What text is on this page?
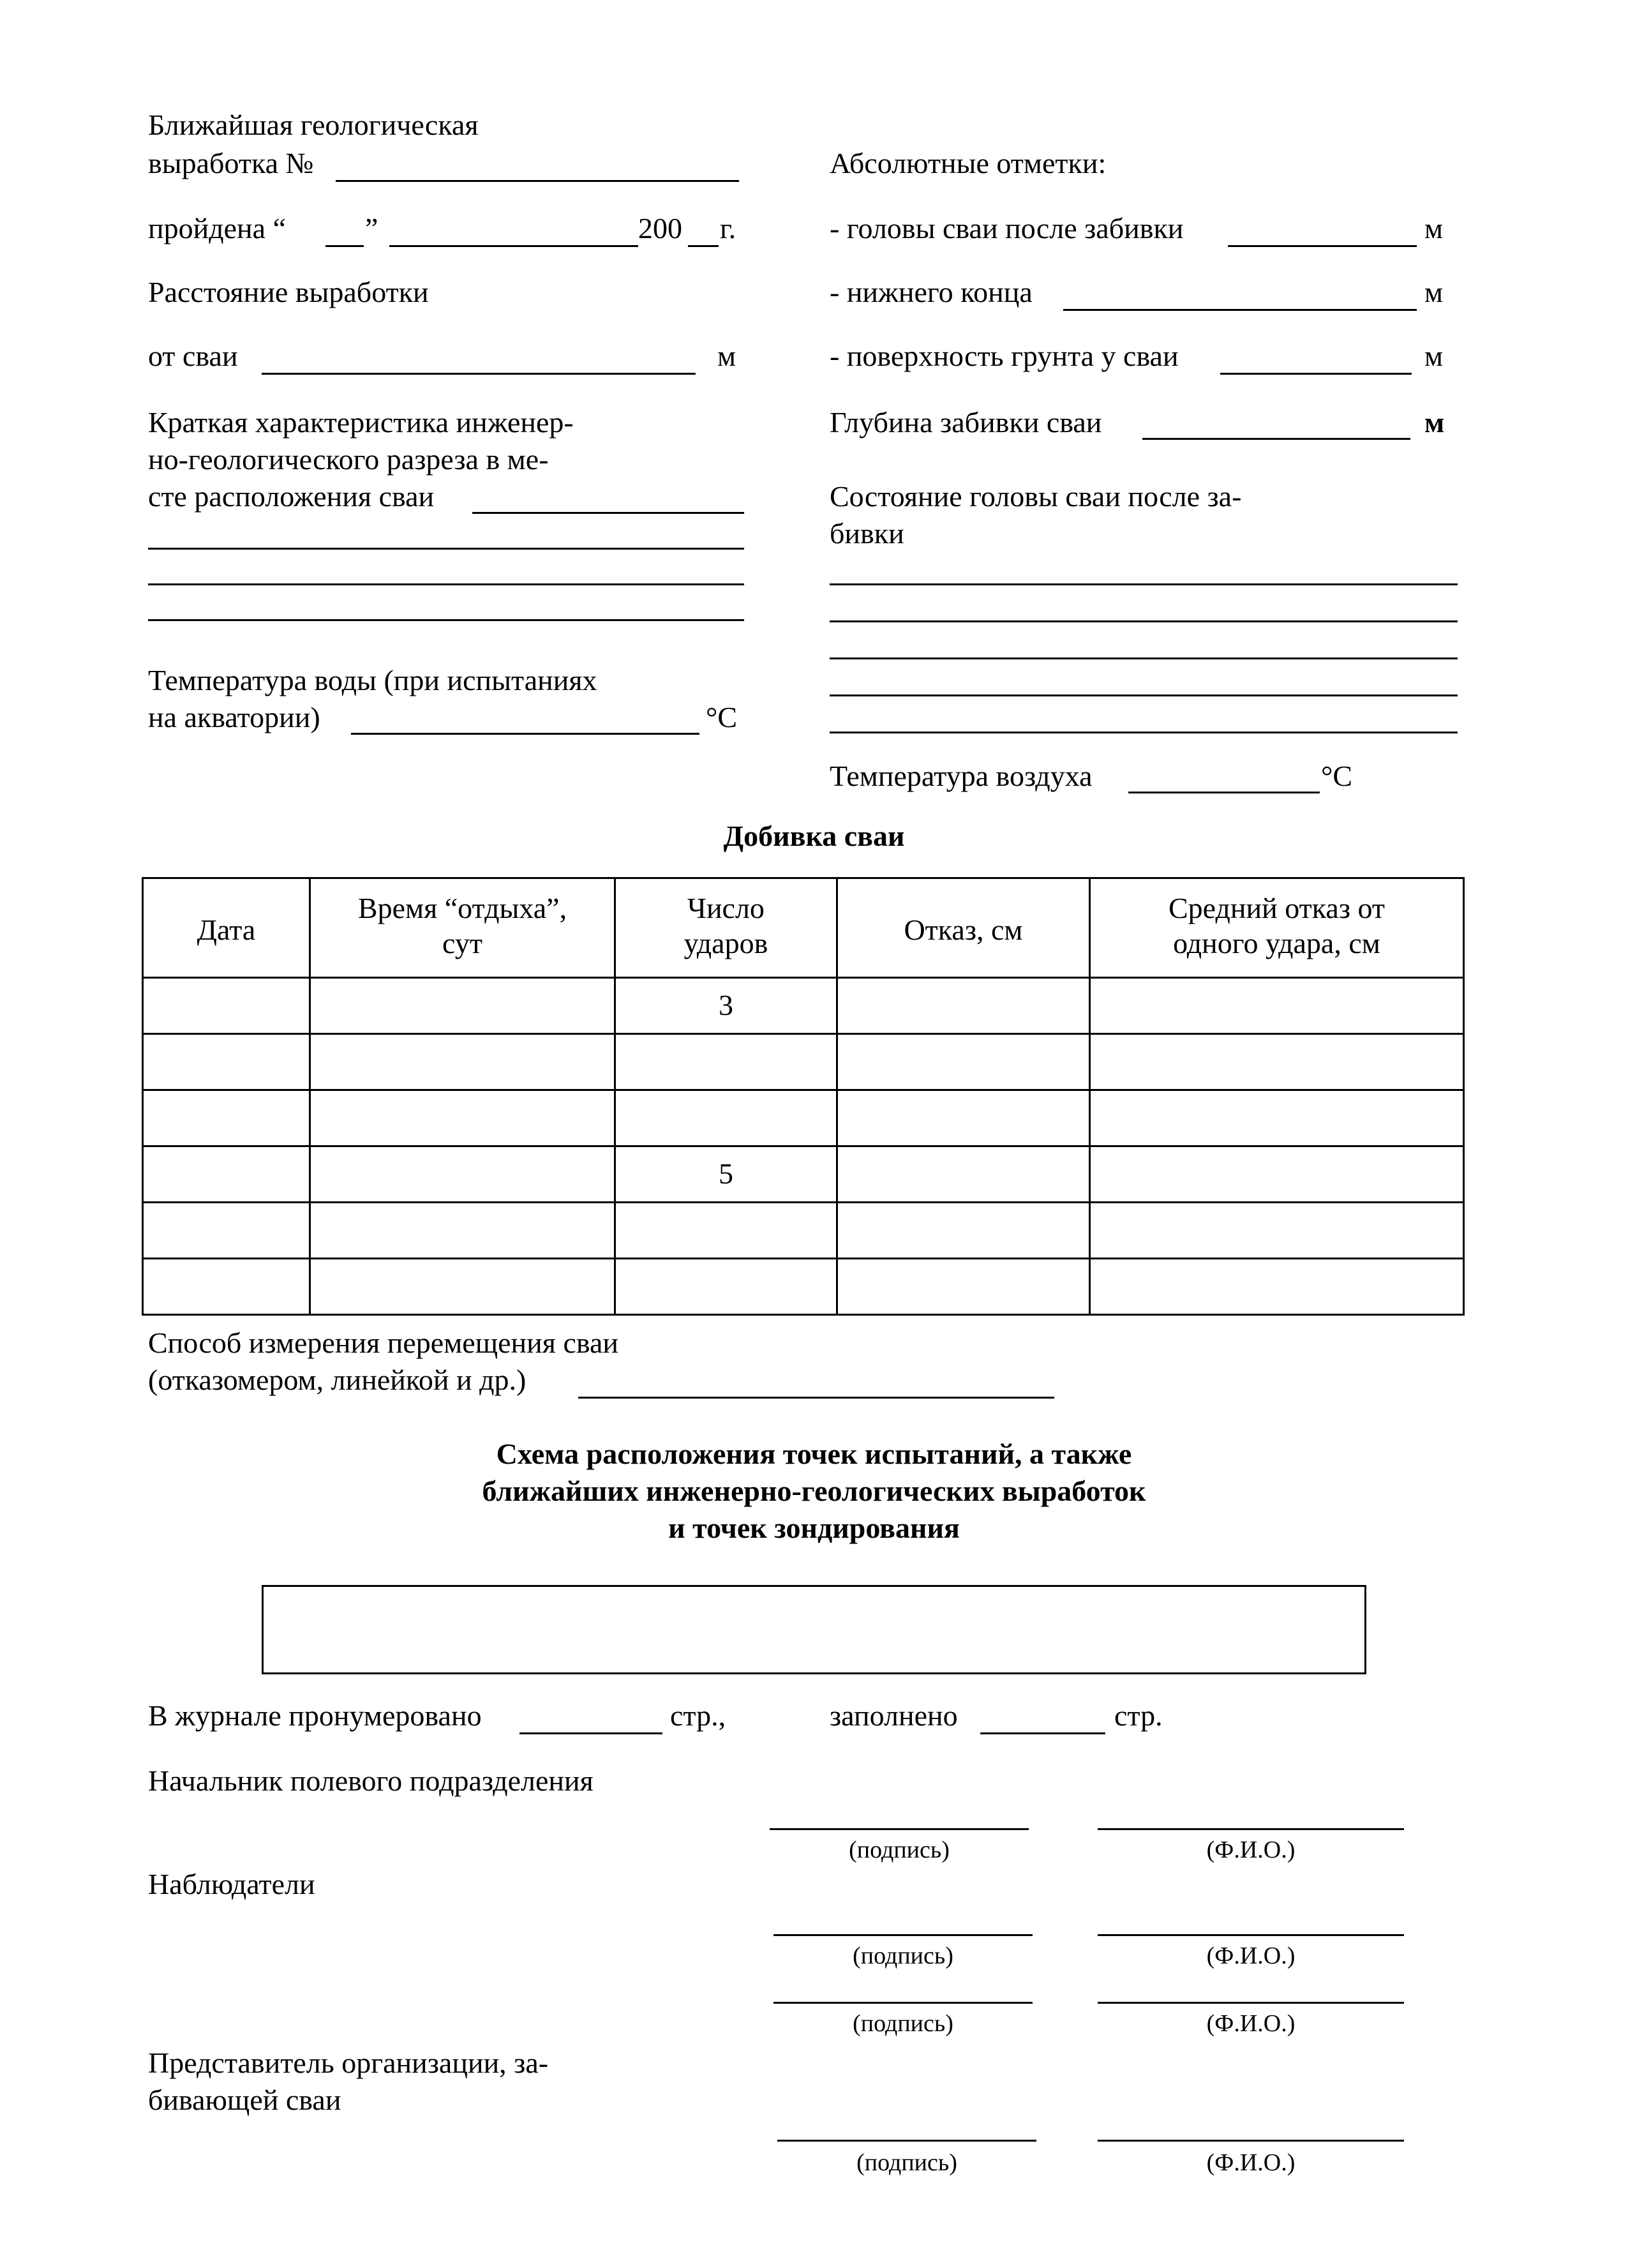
Ближайшая геологическая
выработка №
пройдена “	”	200 г.
Расстояние выработки
от сваи	м
Краткая характеристика инженер-
но-геологического разреза в ме-
сте расположения сваи
Температура воды (при испытаниях
на акватории)	°С
Абсолютные отметки:
- головы сваи после забивки	м
- нижнего конца	м
- поверхность грунта у сваи	м
Глубина забивки сваи	м
Состояние головы сваи после за-
бивки
Температура воздуха	°С
Добивка сваи
Дата	Время “отдыха”, сут	Число ударов	Отказ, см	Средний отказ от одного удара, см
		3		

		5		

Способ измерения перемещения сваи
(отказомером, линейкой и др.)
Схема расположения точек испытаний, а также
ближайших инженерно-геологических выработок
и точек зондирования
В журнале пронумеровано	стр.,	заполнено	стр.
Начальник полевого подразделения
(подпись)	(Ф.И.О.)
Наблюдатели
(подпись)	(Ф.И.О.)
(подпись)	(Ф.И.О.)
Представитель организации, за-
бивающей сваи
(подпись)	(Ф.И.О.)
